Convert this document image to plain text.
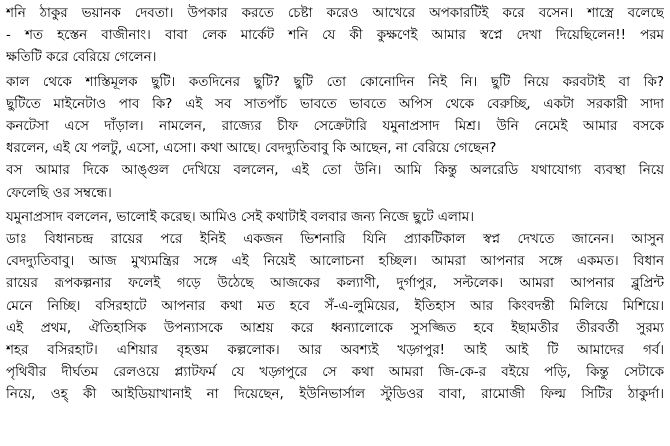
শনি ঠাকুর ভয়ানক দেবতা। উপকার করতে চেষ্টা করেও আখেরে অপকারটিই করে বসেন। শাস্ত্রে বলেছে
- শত হস্তেন বাজীনাং। বাবা লেক মার্কেট শনি যে কী কুক্ষণেই আমার স্বপ্নে দেখা দিয়েছিলেন!! পরম
ক্ষতিটি করে বেরিয়ে গেলেন।

কাল থেকে শাস্তিমূলক ছুটি। কতদিনের ছুটি? ছুটি তো কোনোদিন নিই নি। ছুটি নিয়ে করবটাই বা কি?
ছুটিতে মাইনেটাও পাব কি? এই সব সাতপাঁচ ভাবতে ভাবতে অপিস থেকে বেরুচ্ছি, একটা সরকারী সাদা
কনটেসা এসে দাঁড়াল। নামলেন, রাজ্যের চীফ সেক্রেটারি যমুনাপ্রসাদ মিশ্র। উনি নেমেই আমার বসকে
ধরলেন, এই যে পলটু, এসো, এসো। কথা আছে। বেদদ্যুতিবাবু কি আছেন, না বেরিয়ে গেছেন?

বস আমার দিকে আঙ্গুল দেখিয়ে বললেন, এই তো উনি। আমি কিন্তু অলরেডি যথাযোগ্য ব্যবস্থা নিয়ে
ফেলেছি ওর সম্বন্ধে।

যমুনাপ্রসাদ বললেন, ভালোই করেছ। আমিও সেই কথাটাই বলবার জন্য নিজে ছুটে এলাম।

ডাঃ বিধানচন্দ্র রায়ের পরে ইনিই একজন ভিশনারি যিনি প্র্যাকটিকাল স্বপ্ন দেখতে জানেন। আসুন
বেদদ্যুতিবাবু। আজ মুখ্যমন্ত্রির সঙ্গে এই নিয়েই আলোচনা হচ্ছিল। আমরা আপনার সঙ্গে একমত। বিধান
রায়ের রূপকল্পনার ফলেই গড়ে উঠেছে আজকের কল্যাণী, দুর্গাপুর, সল্টলেক। আমরা আপনার ব্লুপ্রিন্ট
মেনে নিচ্ছি। বসিরহাটে আপনার কথা মত হবে সঁ-এ-লুমিয়ের, ইতিহাস আর কিংবদন্তী মিলিয়ে মিশিয়ে।
এই প্রথম, ঐতিহাসিক উপন্যাসকে আশ্রয় করে ধ্বন্যালোকে সুসজ্জিত হবে ইছামতীর তীরবর্তী সুরম্য
শহর বসিরহাট। এশিয়ার বৃহত্তম কল্পলোক। আর অবশ্যই খড়্গপুর! আই আই টি আমাদের গর্ব।
পৃথিবীর দীর্ঘতম রেলওয়ে প্ল্যাটফর্ম যে খড়্গপুরে সে কথা আমরা জি-কে-র বইয়ে পড়ি, কিন্তু সেটাকে
নিয়ে, ওহ্ কী আইডিয়াখানাই না দিয়েছেন, ইউনিভার্সাল স্টুডিওর বাবা, রামোজী ফিল্ম সিটির ঠাকুর্দা।
